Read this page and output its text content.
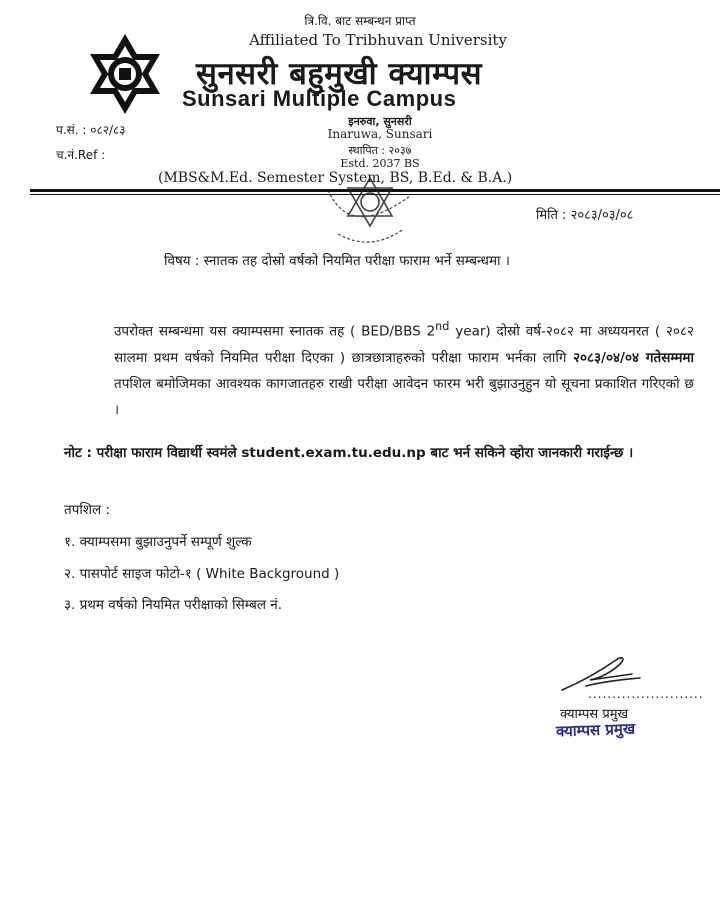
त्रि.वि. बाट सम्बन्धन प्राप्त
Affiliated To Tribhuvan University
सुनसरी बहुमुखी क्याम्पस
Sunsari Multiple Campus
प.सं. : ०८२/८३
च.नं.Ref :
इनरुवा, सुनसरी
Inaruwa, Sunsari
स्थापित : २०३७
Estd. 2037 BS
(MBS&M.Ed. Semester System, BS, B.Ed. & B.A.)
मिति : २०८३/०३/०८
विषय : स्नातक तह दोस्रो वर्षको नियमित परीक्षा फाराम भर्ने सम्बन्धमा ।

उपरोक्त सम्बन्धमा यस क्याम्पसमा स्नातक तह ( BED/BBS 2nd year) दोस्रो वर्ष-२०८२ मा अध्ययनरत ( २०८२ सालमा प्रथम वर्षको नियमित परीक्षा दिएका ) छात्रछात्राहरुको परीक्षा फाराम भर्नका लागि २०८३/०४/०४ गतेसम्ममा तपशिल बमोजिमका आवश्यक कागजातहरु राखी परीक्षा आवेदन फारम भरी बुझाउनुहुन यो सूचना प्रकाशित गरिएको छ ।

नोट : परीक्षा फाराम विद्यार्थी स्वमंले student.exam.tu.edu.np बाट भर्न सकिने व्होरा जानकारी गराईन्छ ।
तपशिल :
१. क्याम्पसमा बुझाउनुपर्ने सम्पूर्ण शुल्क
२. पासपोर्ट साइज फोटो-१ ( White Background )
३. प्रथम वर्षको नियमित परीक्षाको सिम्बल नं.
........................
क्याम्पस प्रमुख
क्याम्पस प्रमुख
